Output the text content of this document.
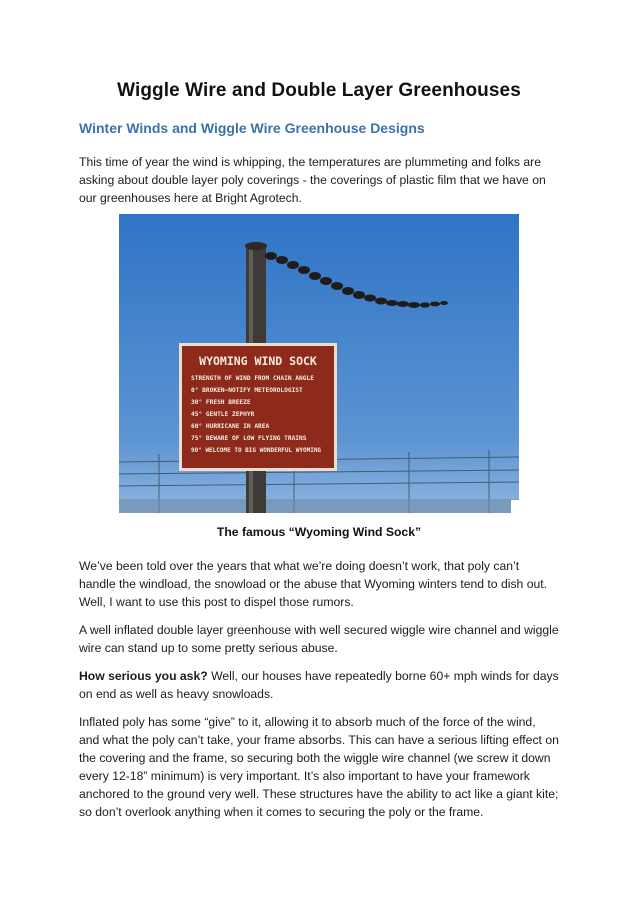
Wiggle Wire and Double Layer Greenhouses
Winter Winds and Wiggle Wire Greenhouse Designs

This time of year the wind is whipping, the temperatures are plummeting and folks are asking about double layer poly coverings - the coverings of plastic film that we have on our greenhouses here at Bright Agrotech.

WYOMING WIND SOCK
STRENGTH OF WIND FROM CHAIN ANGLE
0° BROKEN—NOTIFY METEOROLOGIST
30° FRESH BREEZE
45° GENTLE ZEPHYR
60° HURRICANE IN AREA
75° BEWARE OF LOW FLYING TRAINS
90° WELCOME TO BIG WONDERFUL WYOMING
The famous “Wyoming Wind Sock”

We’ve been told over the years that what we’re doing doesn’t work, that poly can’t handle the windload, the snowload or the abuse that Wyoming winters tend to dish out. Well, I want to use this post to dispel those rumors.

A well inflated double layer greenhouse with well secured wiggle wire channel and wiggle wire can stand up to some pretty serious abuse.

How serious you ask? Well, our houses have repeatedly borne 60+ mph winds for days on end as well as heavy snowloads.

Inflated poly has some “give” to it, allowing it to absorb much of the force of the wind, and what the poly can’t take, your frame absorbs. This can have a serious lifting effect on the covering and the frame, so securing both the wiggle wire channel (we screw it down every 12-18” minimum) is very important. It’s also important to have your framework anchored to the ground very well. These structures have the ability to act like a giant kite; so don’t overlook anything when it comes to securing the poly or the frame.
